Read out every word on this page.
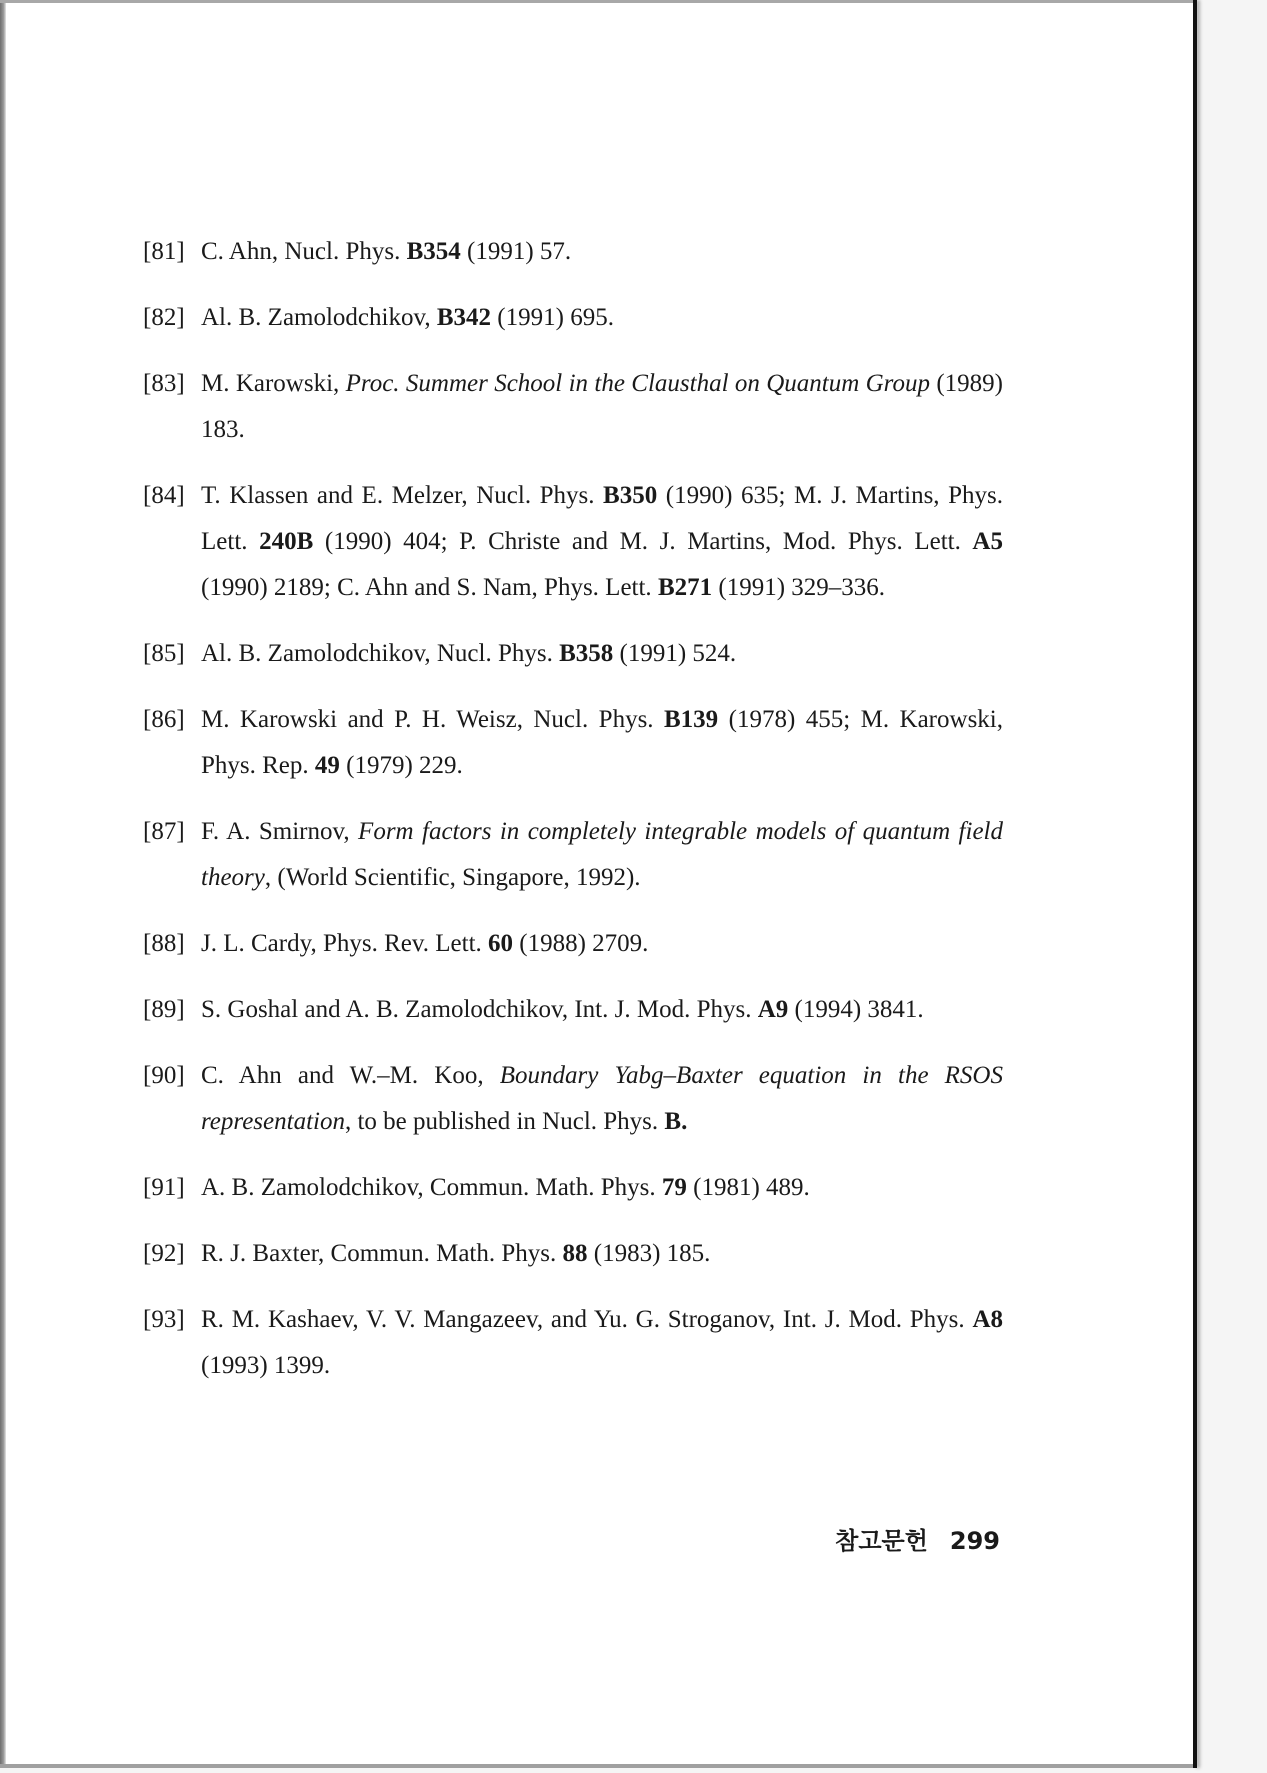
[81] C. Ahn, Nucl. Phys. B354 (1991) 57.
[82] Al. B. Zamolodchikov, B342 (1991) 695.
[83] M. Karowski, Proc. Summer School in the Clausthal on Quantum Group (1989) 183.
[84] T. Klassen and E. Melzer, Nucl. Phys. B350 (1990) 635; M. J. Martins, Phys. Lett. 240B (1990) 404; P. Christe and M. J. Martins, Mod. Phys. Lett. A5 (1990) 2189; C. Ahn and S. Nam, Phys. Lett. B271 (1991) 329–336.
[85] Al. B. Zamolodchikov, Nucl. Phys. B358 (1991) 524.
[86] M. Karowski and P. H. Weisz, Nucl. Phys. B139 (1978) 455; M. Karowski, Phys. Rep. 49 (1979) 229.
[87] F. A. Smirnov, Form factors in completely integrable models of quantum field theory, (World Scientific, Singapore, 1992).
[88] J. L. Cardy, Phys. Rev. Lett. 60 (1988) 2709.
[89] S. Goshal and A. B. Zamolodchikov, Int. J. Mod. Phys. A9 (1994) 3841.
[90] C. Ahn and W.–M. Koo, Boundary Yabg–Baxter equation in the RSOS representation, to be published in Nucl. Phys. B.
[91] A. B. Zamolodchikov, Commun. Math. Phys. 79 (1981) 489.
[92] R. J. Baxter, Commun. Math. Phys. 88 (1983) 185.
[93] R. M. Kashaev, V. V. Mangazeev, and Yu. G. Stroganov, Int. J. Mod. Phys. A8 (1993) 1399.
참고문헌 299
